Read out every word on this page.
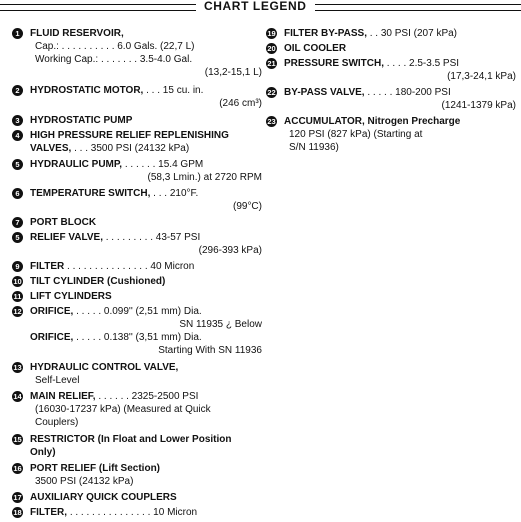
CHART LEGEND
1	FLUID RESERVOIR,
Cap.: . . . . . . . . . . 6.0 Gals. (22,7 L)
Working Cap.: . . . . . . . 3.5-4.0 Gal.
(13,2-15,1 L)
2	HYDROSTATIC MOTOR, . . . 15 cu. in.
(246 cm³)
3	HYDROSTATIC PUMP
4	HIGH PRESSURE RELIEF REPLENISHING
VALVES, . . . 3500 PSI (24132 kPa)
5	HYDRAULIC PUMP, . . . . . . 15.4 GPM
(58,3 Lmin.) at 2720 RPM
6	TEMPERATURE SWITCH, . . . 210°F.
(99°C)
7	PORT BLOCK
5	RELIEF VALVE, . . . . . . . . . 43-57 PSI
(296-393 kPa)
9	FILTER . . . . . . . . . . . . . . . 40 Micron
10 TILT CYLINDER (Cushioned)
11 LIFT CYLINDERS
12 ORIFICE, . . . . . 0.099'' (2,51 mm) Dia.
SN 11935 ¿ Below
ORIFICE, . . . . . 0.138'' (3,51 mm) Dia.
Starting With SN 11936
13 HYDRAULIC CONTROL VALVE,
Self-Level
14 MAIN RELIEF, . . . . . . 2325-2500 PSI
(16030-17237 kPa) (Measured at Quick
Couplers)
15 RESTRICTOR (In Float and Lower Position
Only)
16 PORT RELIEF (Lift Section)
3500 PSI (24132 kPa)
17 AUXILIARY QUICK COUPLERS
18 FILTER, . . . . . . . . . . . . . . . 10 Micron
19 FILTER BY-PASS, . . 30 PSI (207 kPa)
20 OIL COOLER
21 PRESSURE SWITCH, . . . . 2.5-3.5 PSI
(17,3-24,1 kPa)
22 BY-PASS VALVE, . . . . . 180-200 PSI
(1241-1379 kPa)
23 ACCUMULATOR, Nitrogen Precharge
120 PSI (827 kPa) (Starting at
S/N 11936)
